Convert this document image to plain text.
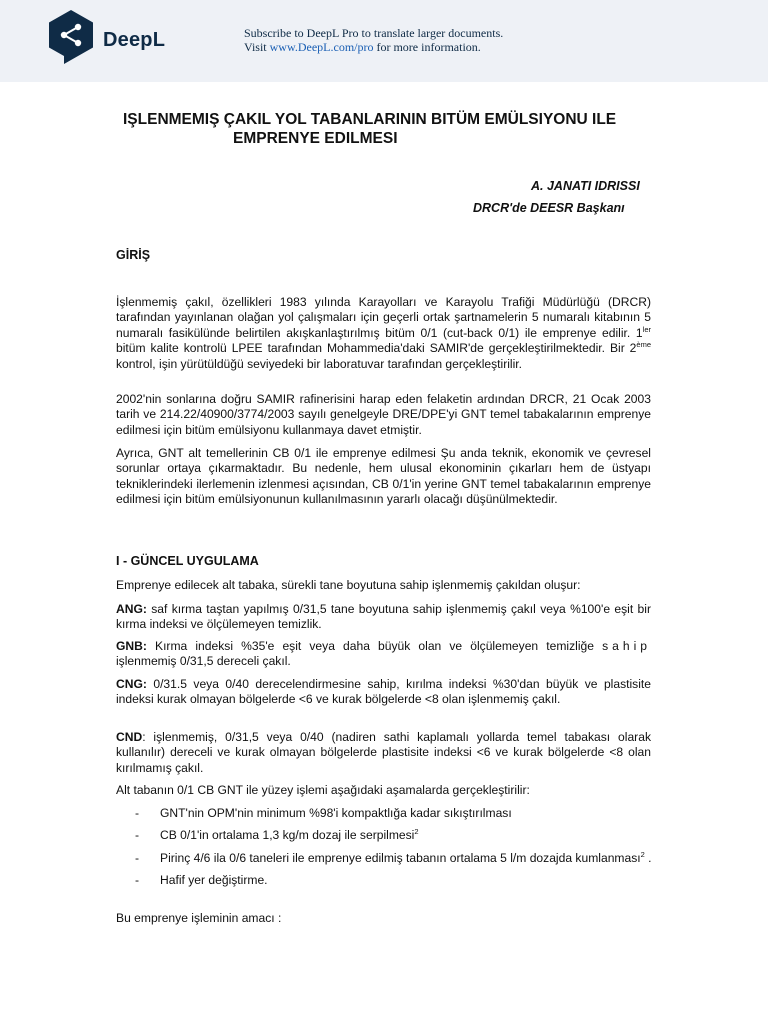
DeepL	Subscribe to DeepL Pro to translate larger documents.
Visit www.DeepL.com/pro for more information.
IŞLENMEMIŞ ÇAKIL YOL TABANLARININ BITÜM EMÜLSIYONU ILE
EMPRENYE EDILMESI
A. JANATI IDRISSI
DRCR'de DEESR Başkanı
GİRİŞ
İşlenmemiş çakıl, özellikleri 1983 yılında Karayolları ve Karayolu Trafiği Müdürlüğü (DRCR) tarafından yayınlanan olağan yol çalışmaları için geçerli ortak şartnamelerin 5 numaralı kitabının 5 numaralı fasikülünde belirtilen akışkanlaştırılmış bitüm 0/1 (cut-back 0/1) ile emprenye edilir. $1^{ler}$ bitüm kalite kontrolü LPEE tarafından Mohammedia'daki SAMIR'de gerçekleştirilmektedir. Bir 2ème kontrol, işin yürütüldüğü seviyedeki bir laboratuvar tarafından gerçekleştirilir.
2002'nin sonlarına doğru SAMIR rafinerisini harap eden felaketin ardından DRCR, 21 Ocak 2003 tarih ve 214.22/40900/3774/2003 sayılı genelgeyle DRE/DPE'yi GNT temel tabakalarının emprenye edilmesi için bitüm emülsiyonu kullanmaya davet etmiştir.
Ayrıca, GNT alt temellerinin CB 0/1 ile emprenye edilmesi Şu anda teknik, ekonomik ve çevresel sorunlar ortaya çıkarmaktadır. Bu nedenle, hem ulusal ekonominin çıkarları hem de üstyapı tekniklerindeki ilerlemenin izlenmesi açısından, CB 0/1'in yerine GNT temel tabakalarının emprenye edilmesi için bitüm emülsiyonunun kullanılmasının yararlı olacağı düşünülmektedir.
I - GÜNCEL UYGULAMA
Emprenye edilecek alt tabaka, sürekli tane boyutuna sahip işlenmemiş çakıldan oluşur:
ANG: saf kırma taştan yapılmış 0/31,5 tane boyutuna sahip işlenmemiş çakıl veya %100'e eşit bir kırma indeksi ve ölçülemeyen temizlik.
GNB: Kırma indeksi %35'e eşit veya daha büyük olan ve ölçülemeyen temizliğe sahip işlenmemiş 0/31,5 dereceli çakıl.
CNG: 0/31.5 veya 0/40 derecelendirmesine sahip, kırılma indeksi %30'dan büyük ve plastisite indeksi kurak olmayan bölgelerde <6 ve kurak bölgelerde <8 olan işlenmemiş çakıl.
CND: işlenmemiş, 0/31,5 veya 0/40 (nadiren sathi kaplamalı yollarda temel tabakası olarak kullanılır) dereceli ve kurak olmayan bölgelerde plastisite indeksi <6 ve kurak bölgelerde <8 olan kırılmamış çakıl.
Alt tabanın 0/1 CB GNT ile yüzey işlemi aşağıdaki aşamalarda gerçekleştirilir:
- GNT'nin OPM'nin minimum %98'i kompaktlığa kadar sıkıştırılması
- CB 0/1'in ortalama 1,3 kg/m dozaj ile serpilmesi$^2$
- Pirinç 4/6 ila 0/6 taneleri ile emprenye edilmiş tabanın ortalama 5 l/m dozajda kumlanması$^2$ .
- Hafif yer değiştirme.
Bu emprenye işleminin amacı :
